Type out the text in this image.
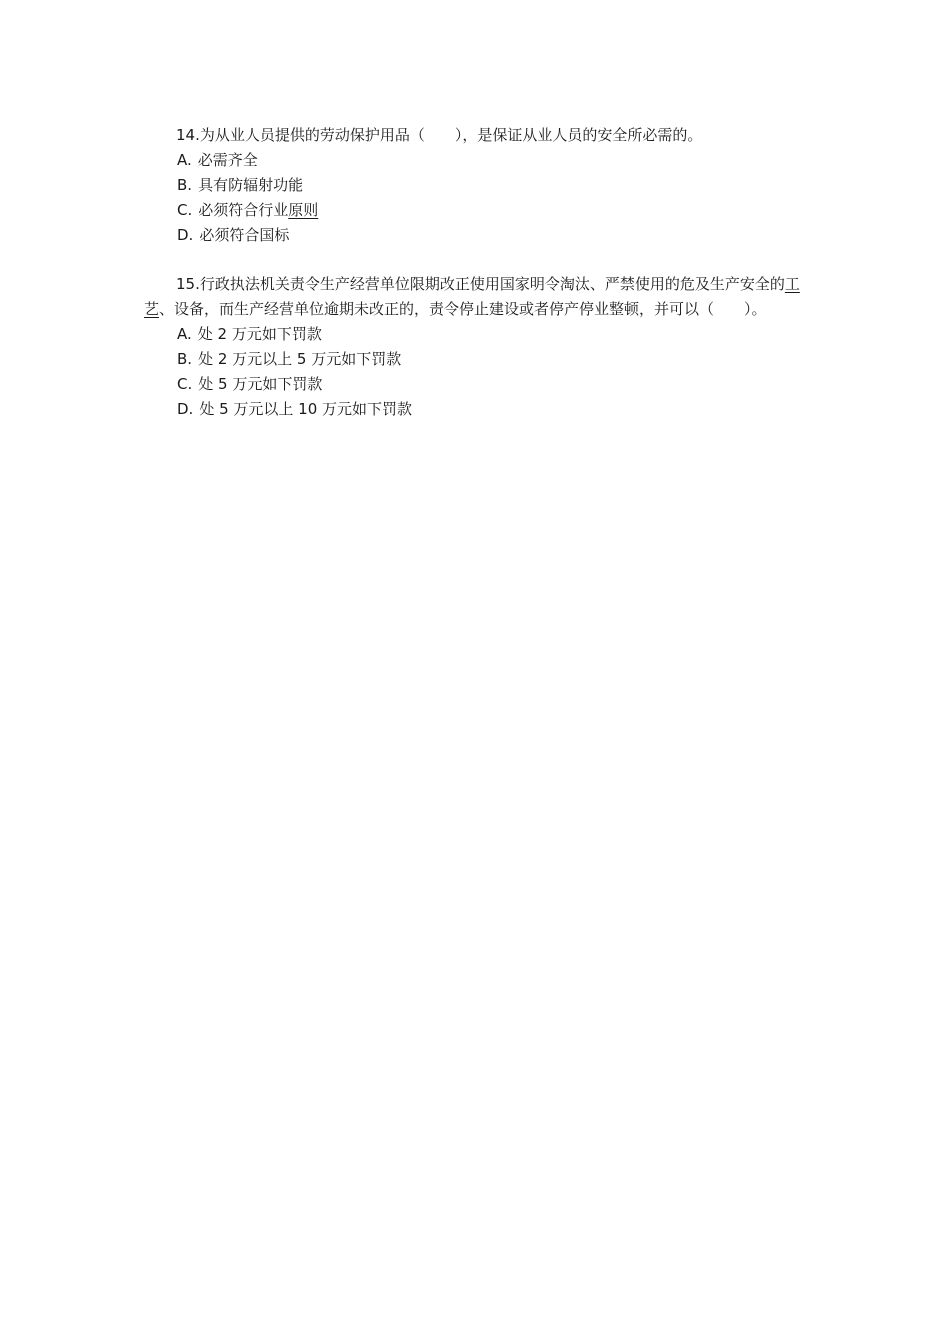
14.为从业人员提供的劳动保护用品（　　），是保证从业人员的安全所必需的。

A. 必需齐全
B. 具有防辐射功能
C. 必须符合行业原则
D. 必须符合国标

15.行政执法机关责令生产经营单位限期改正使用国家明令淘汰、严禁使用的危及生产安全的工艺、设备，而生产经营单位逾期未改正的，责令停止建设或者停产停业整顿，并可以（　　）。

A. 处 2 万元如下罚款
B. 处 2 万元以上 5 万元如下罚款
C. 处 5 万元如下罚款
D. 处 5 万元以上 10 万元如下罚款
